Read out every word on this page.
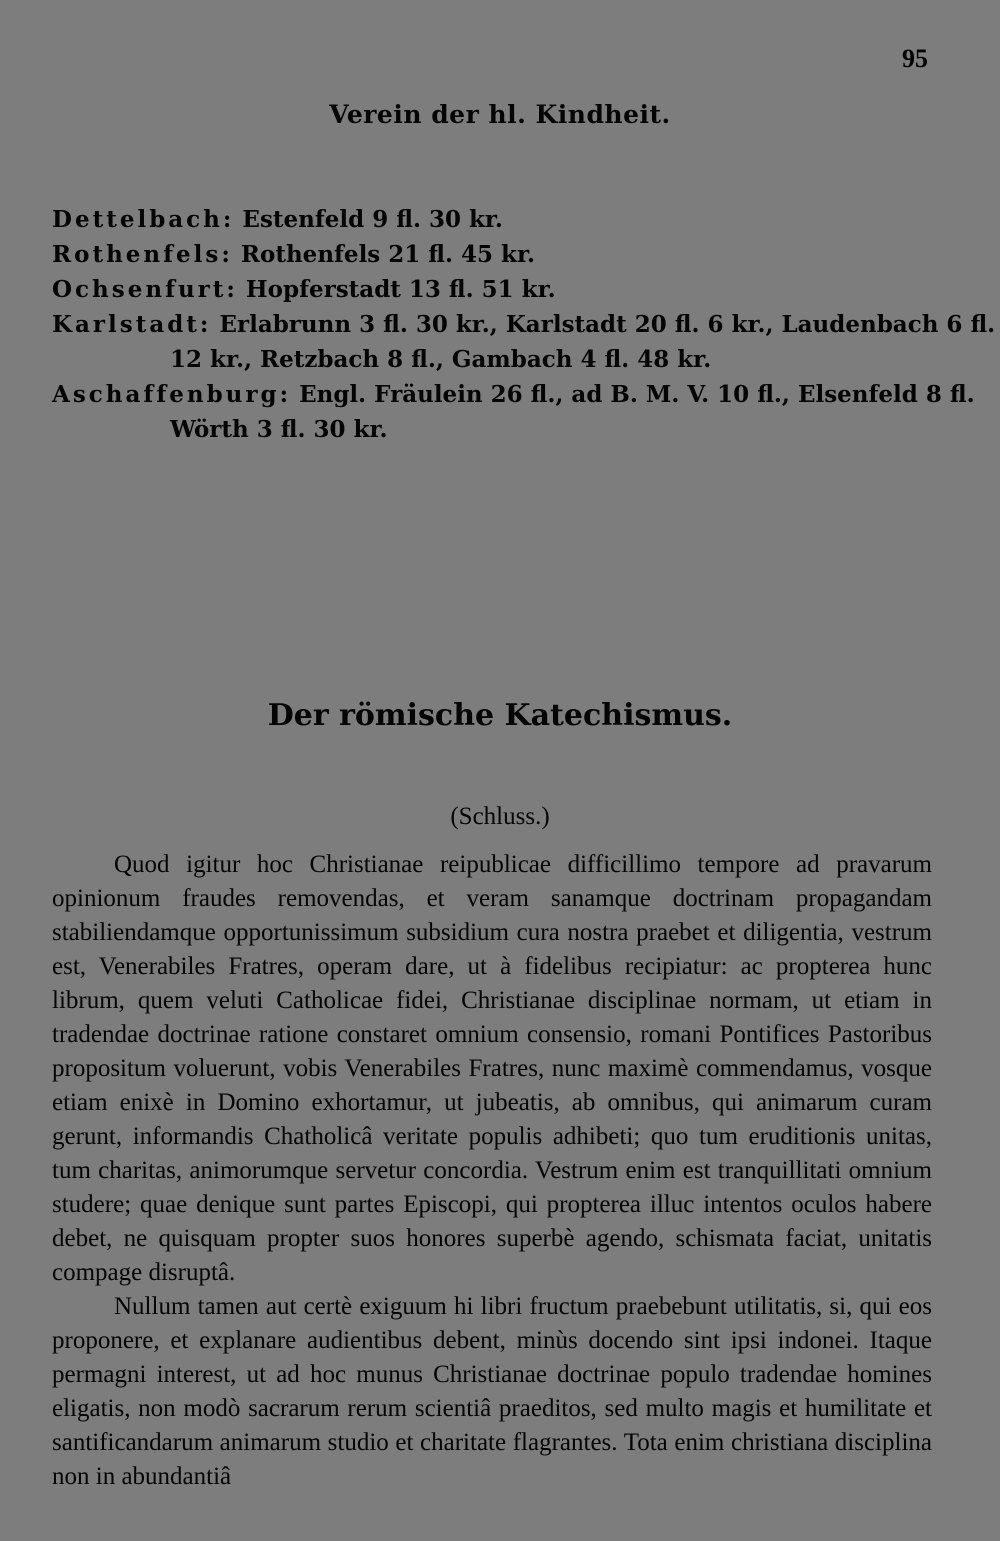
95
Verein der hl. Kindheit.
Dettelbach: Estenfeld 9 fl. 30 kr.
Rothenfels: Rothenfels 21 fl. 45 kr.
Ochsenfurt: Hopferstadt 13 fl. 51 kr.
Karlstadt: Erlabrunn 3 fl. 30 kr., Karlstadt 20 fl. 6 kr., Laudenbach 6 fl.
12 kr., Retzbach 8 fl., Gambach 4 fl. 48 kr.
Aschaffenburg: Engl. Fräulein 26 fl., ad B. M. V. 10 fl., Elsenfeld 8 fl.
Wörth 3 fl. 30 kr.
Der römische Katechismus.
(Schluss.)

Quod igitur hoc Christianae reipublicae difficillimo tempore ad pravarum opinionum fraudes removendas, et veram sanamque doctrinam propagandam stabiliendamque opportunissimum subsidium cura nostra praebet et diligentia, vestrum est, Venerabiles Fratres, operam dare, ut à fidelibus recipiatur: ac propterea hunc librum, quem veluti Catholicae fidei, Christianae disciplinae normam, ut etiam in tradendae doctrinae ratione constaret omnium consensio, romani Pontifices Pastoribus propositum voluerunt, vobis Venerabiles Fratres, nunc maximè commendamus, vosque etiam enixè in Domino exhortamur, ut jubeatis, ab omnibus, qui animarum curam gerunt, informandis Chatholicâ veritate populis adhibeti; quo tum eruditionis unitas, tum charitas, animorumque servetur concordia. Vestrum enim est tranquillitati omnium studere; quae denique sunt partes Episcopi, qui propterea illuc intentos oculos habere debet, ne quisquam propter suos honores superbè agendo, schismata faciat, unitatis compage disruptâ.

Nullum tamen aut certè exiguum hi libri fructum praebebunt utilitatis, si, qui eos proponere, et explanare audientibus debent, minùs docendo sint ipsi indonei. Itaque permagni interest, ut ad hoc munus Christianae doctrinae populo tradendae homines eligatis, non modò sacrarum rerum scientiâ praeditos, sed multo magis et humilitate et santificandarum animarum studio et charitate flagrantes. Tota enim christiana disciplina non in abundantiâ
